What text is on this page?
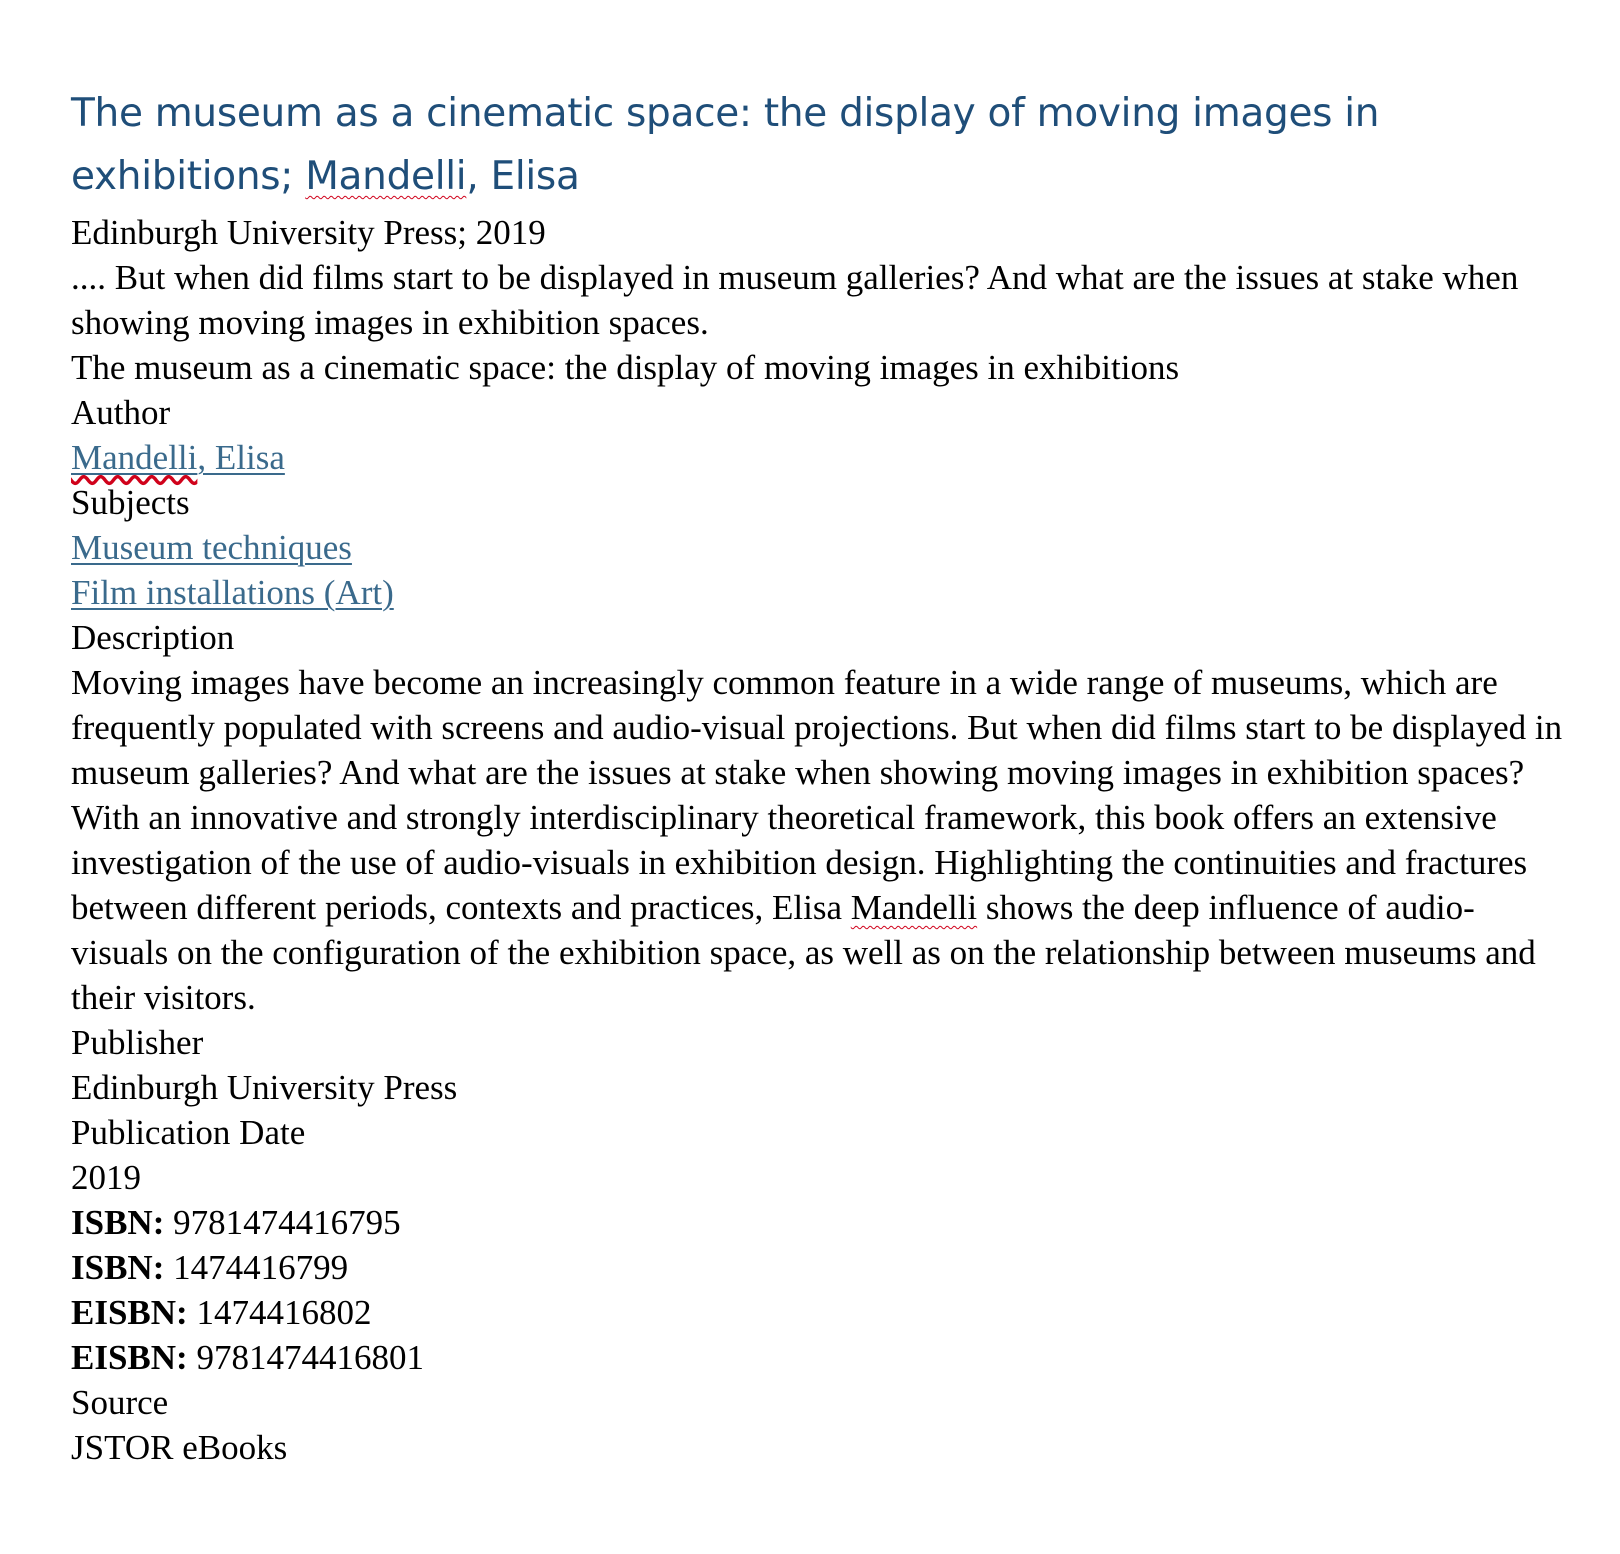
The museum as a cinematic space: the display of moving images in exhibitions; Mandelli, Elisa

Edinburgh University Press; 2019

.... But when did films start to be displayed in museum galleries? And what are the issues at stake when showing moving images in exhibition spaces.

The museum as a cinematic space: the display of moving images in exhibitions

Author

Mandelli, Elisa

Subjects

Museum techniques

Film installations (Art)

Description

Moving images have become an increasingly common feature in a wide range of museums, which are frequently populated with screens and audio-visual projections. But when did films start to be displayed in museum galleries? And what are the issues at stake when showing moving images in exhibition spaces? With an innovative and strongly interdisciplinary theoretical framework, this book offers an extensive investigation of the use of audio-visuals in exhibition design. Highlighting the continuities and fractures between different periods, contexts and practices, Elisa Mandelli shows the deep influence of audio-visuals on the configuration of the exhibition space, as well as on the relationship between museums and their visitors.

Publisher

Edinburgh University Press

Publication Date

2019

ISBN: 9781474416795

ISBN: 1474416799

EISBN: 1474416802

EISBN: 9781474416801

Source

JSTOR eBooks
